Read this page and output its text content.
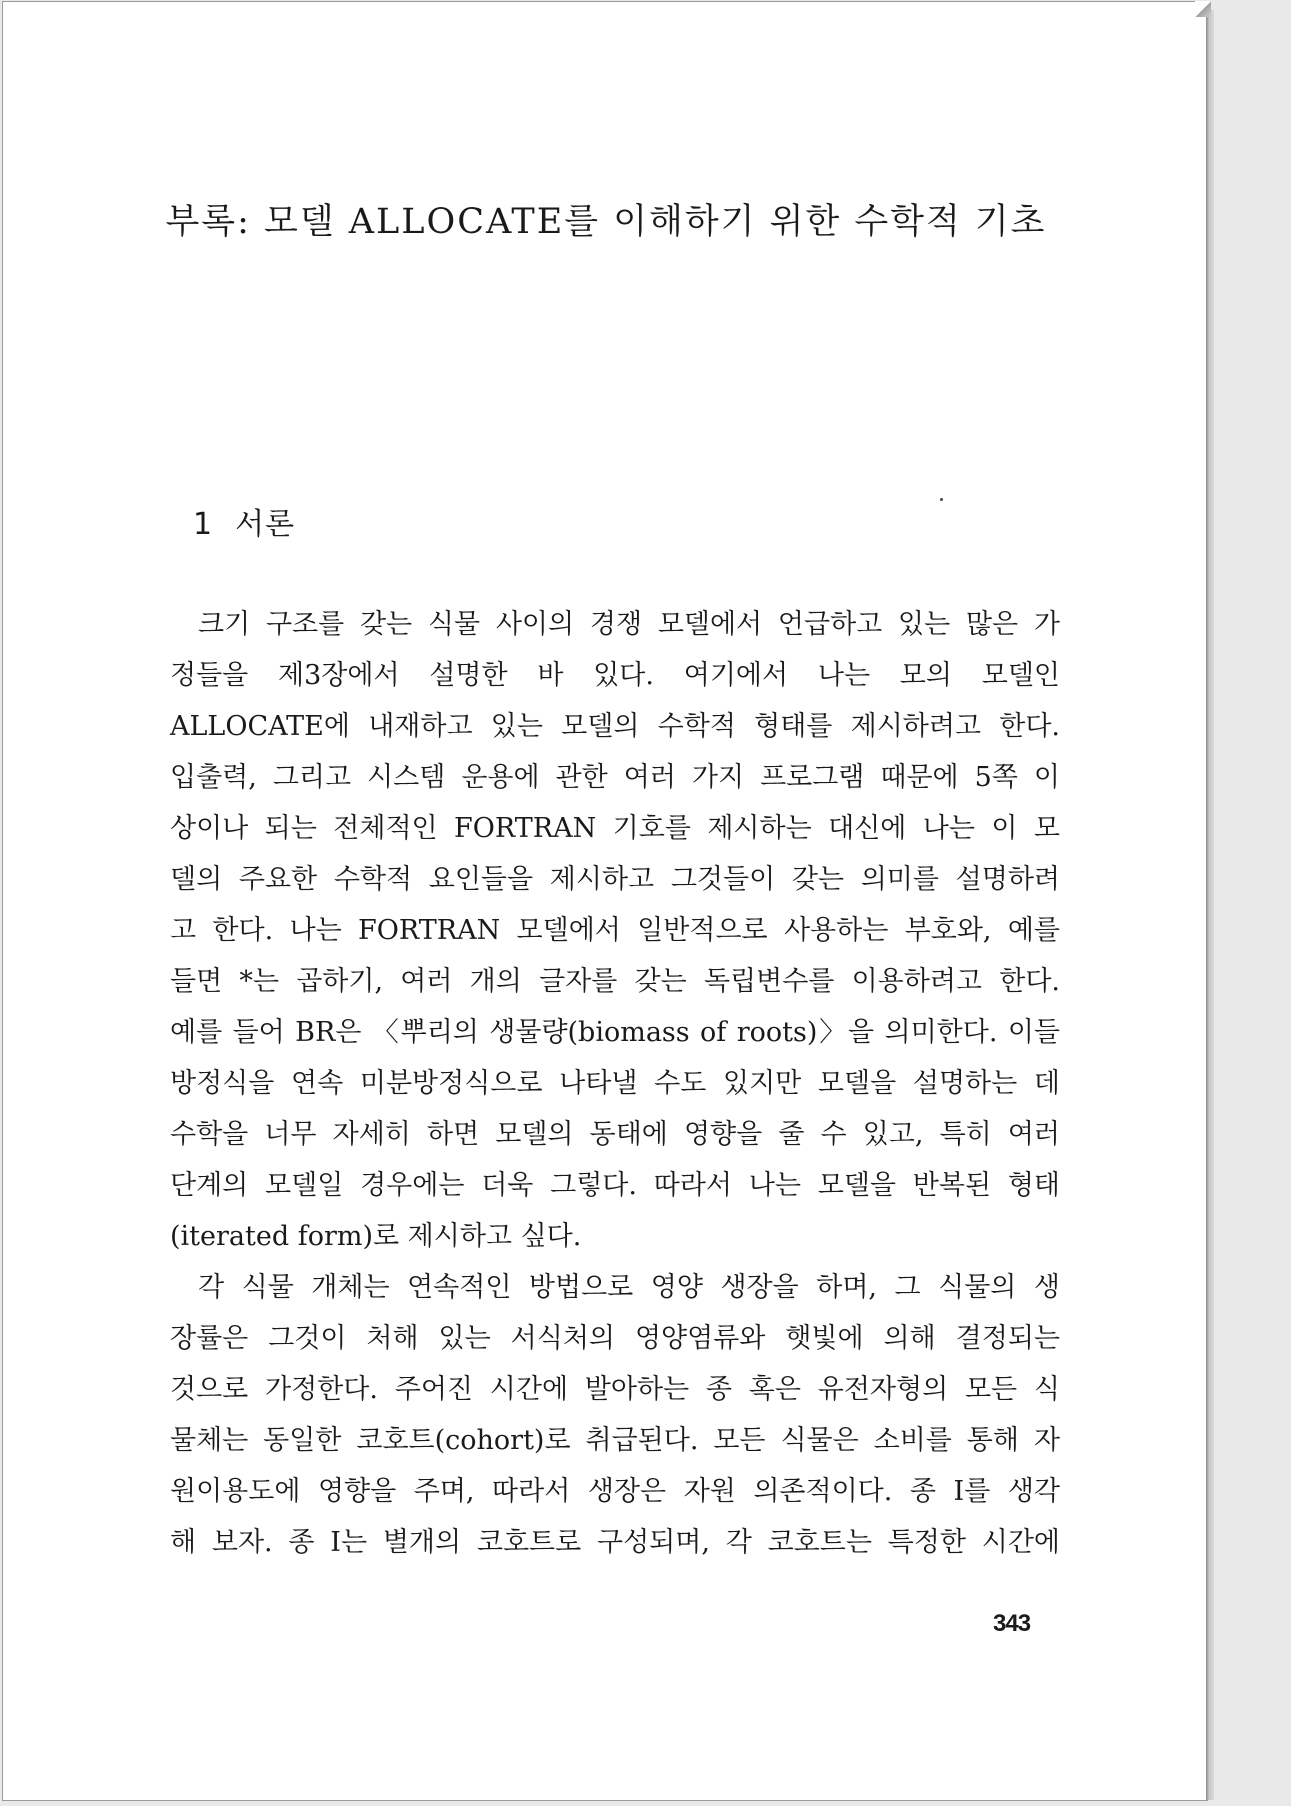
부록: 모델 ALLOCATE를 이해하기 위한 수학적 기초
1 서론
크기 구조를 갖는 식물 사이의 경쟁 모델에서 언급하고 있는 많은 가
정들을 제3장에서 설명한 바 있다. 여기에서 나는 모의 모델인
ALLOCATE에 내재하고 있는 모델의 수학적 형태를 제시하려고 한다.
입출력, 그리고 시스템 운용에 관한 여러 가지 프로그램 때문에 5쪽 이
상이나 되는 전체적인 FORTRAN 기호를 제시하는 대신에 나는 이 모
델의 주요한 수학적 요인들을 제시하고 그것들이 갖는 의미를 설명하려
고 한다. 나는 FORTRAN 모델에서 일반적으로 사용하는 부호와, 예를
들면 *는 곱하기, 여러 개의 글자를 갖는 독립변수를 이용하려고 한다.
예를 들어 BR은 〈뿌리의 생물량(biomass of roots)〉을 의미한다. 이들
방정식을 연속 미분방정식으로 나타낼 수도 있지만 모델을 설명하는 데
수학을 너무 자세히 하면 모델의 동태에 영향을 줄 수 있고, 특히 여러
단계의 모델일 경우에는 더욱 그렇다. 따라서 나는 모델을 반복된 형태
(iterated form)로 제시하고 싶다.
각 식물 개체는 연속적인 방법으로 영양 생장을 하며, 그 식물의 생
장률은 그것이 처해 있는 서식처의 영양염류와 햇빛에 의해 결정되는
것으로 가정한다. 주어진 시간에 발아하는 종 혹은 유전자형의 모든 식
물체는 동일한 코호트(cohort)로 취급된다. 모든 식물은 소비를 통해 자
원이용도에 영향을 주며, 따라서 생장은 자원 의존적이다. 종 I를 생각
해 보자. 종 I는 별개의 코호트로 구성되며, 각 코호트는 특정한 시간에
343
